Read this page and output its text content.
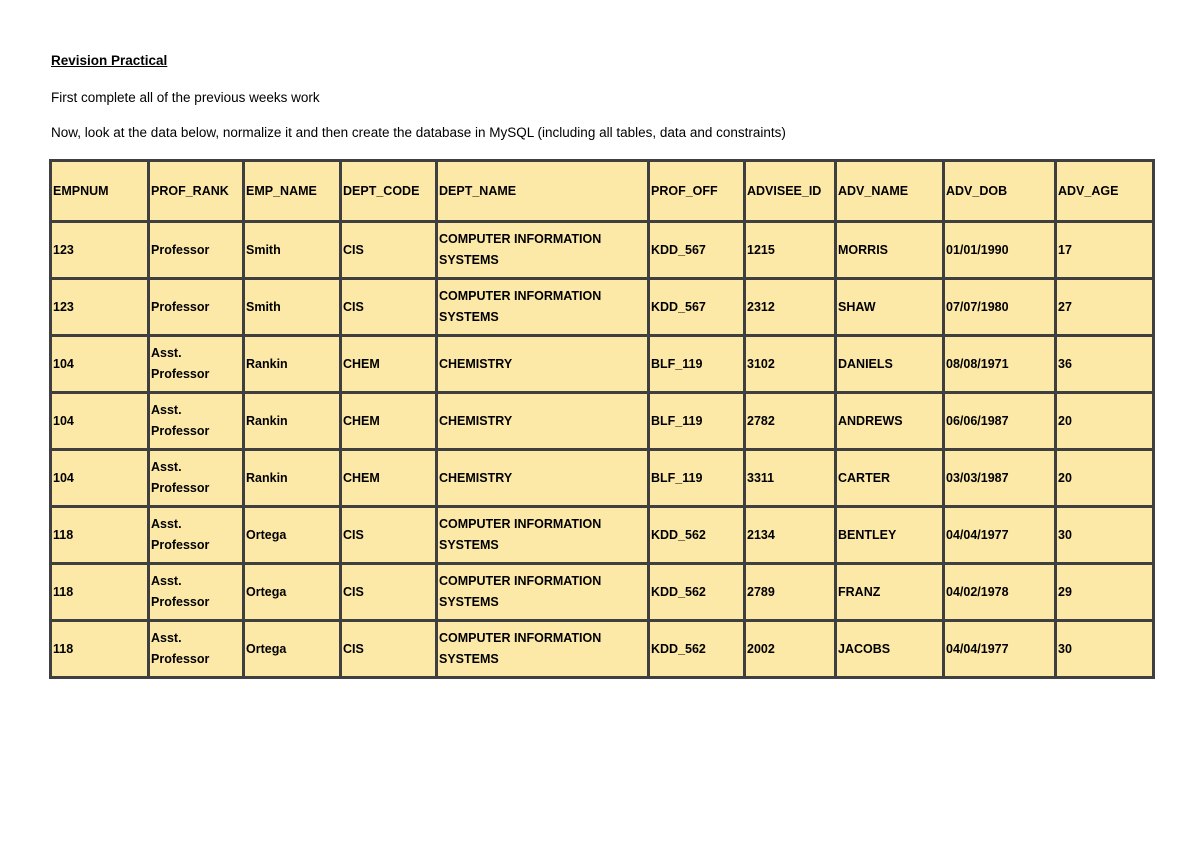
Revision Practical
First complete all of the previous weeks work
Now, look at the data below, normalize it and then create the database in MySQL (including all tables, data and constraints)
EMPNUM	PROF_RANK	EMP_NAME	DEPT_CODE	DEPT_NAME	PROF_OFF	ADVISEE_ID	ADV_NAME	ADV_DOB	ADV_AGE
123	Professor	Smith	CIS	COMPUTER INFORMATION SYSTEMS	KDD_567	1215	MORRIS	01/01/1990	17
123	Professor	Smith	CIS	COMPUTER INFORMATION SYSTEMS	KDD_567	2312	SHAW	07/07/1980	27
104	Asst. Professor	Rankin	CHEM	CHEMISTRY	BLF_119	3102	DANIELS	08/08/1971	36
104	Asst. Professor	Rankin	CHEM	CHEMISTRY	BLF_119	2782	ANDREWS	06/06/1987	20
104	Asst. Professor	Rankin	CHEM	CHEMISTRY	BLF_119	3311	CARTER	03/03/1987	20
118	Asst. Professor	Ortega	CIS	COMPUTER INFORMATION SYSTEMS	KDD_562	2134	BENTLEY	04/04/1977	30
118	Asst. Professor	Ortega	CIS	COMPUTER INFORMATION SYSTEMS	KDD_562	2789	FRANZ	04/02/1978	29
118	Asst. Professor	Ortega	CIS	COMPUTER INFORMATION SYSTEMS	KDD_562	2002	JACOBS	04/04/1977	30
